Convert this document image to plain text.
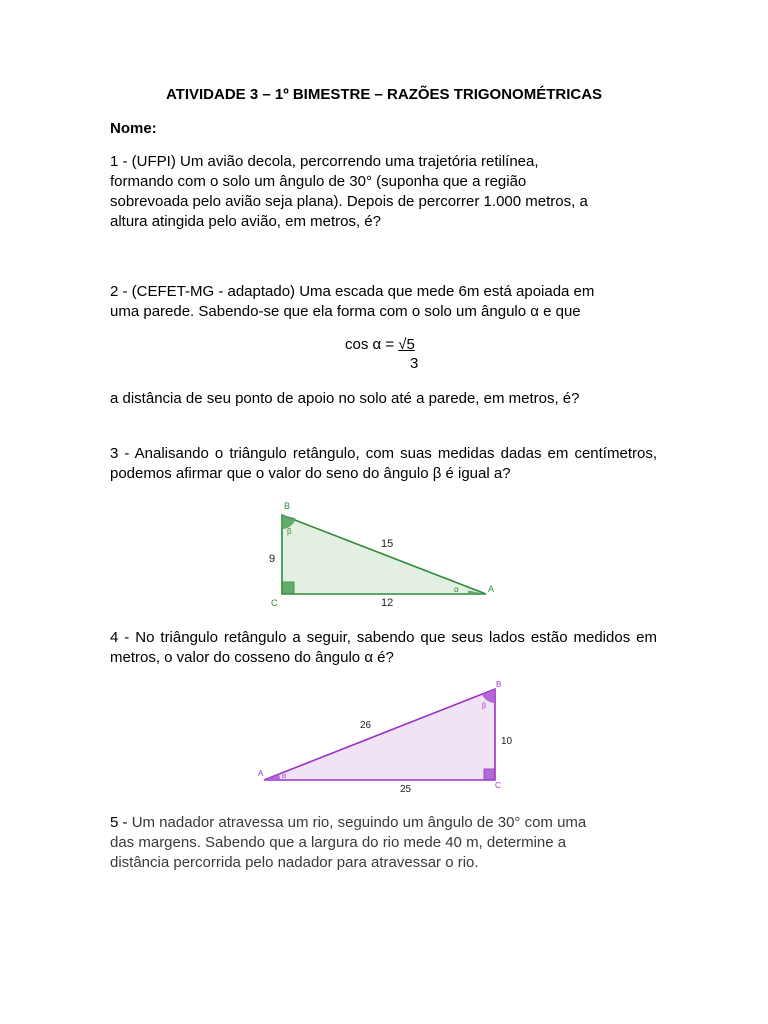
ATIVIDADE 3 – 1º BIMESTRE – RAZÕES TRIGONOMÉTRICAS
Nome:
1 - (UFPI) Um avião decola, percorrendo uma trajetória retilínea,
formando com o solo um ângulo de 30° (suponha que a região
sobrevoada pelo avião seja plana). Depois de percorrer 1.000 metros, a
altura atingida pelo avião, em metros, é?
2 - (CEFET-MG - adaptado) Uma escada que mede 6m está apoiada em
uma parede. Sabendo-se que ela forma com o solo um ângulo α e que
cos α = √5
3
a distância de seu ponto de apoio no solo até a parede, em metros, é?
3 - Analisando o triângulo retângulo, com suas medidas dadas em centímetros, podemos afirmar que o valor do seno do ângulo β é igual a?
B
C
A
β
α
9
15
12
4 - No triângulo retângulo a seguir, sabendo que seus lados estão medidos em metros, o valor do cosseno do ângulo α é?
A
B
C
α
β
26
10
25
5 - Um nadador atravessa um rio, seguindo um ângulo de 30° com uma
das margens. Sabendo que a largura do rio mede 40 m, determine a
distância percorrida pelo nadador para atravessar o rio.
